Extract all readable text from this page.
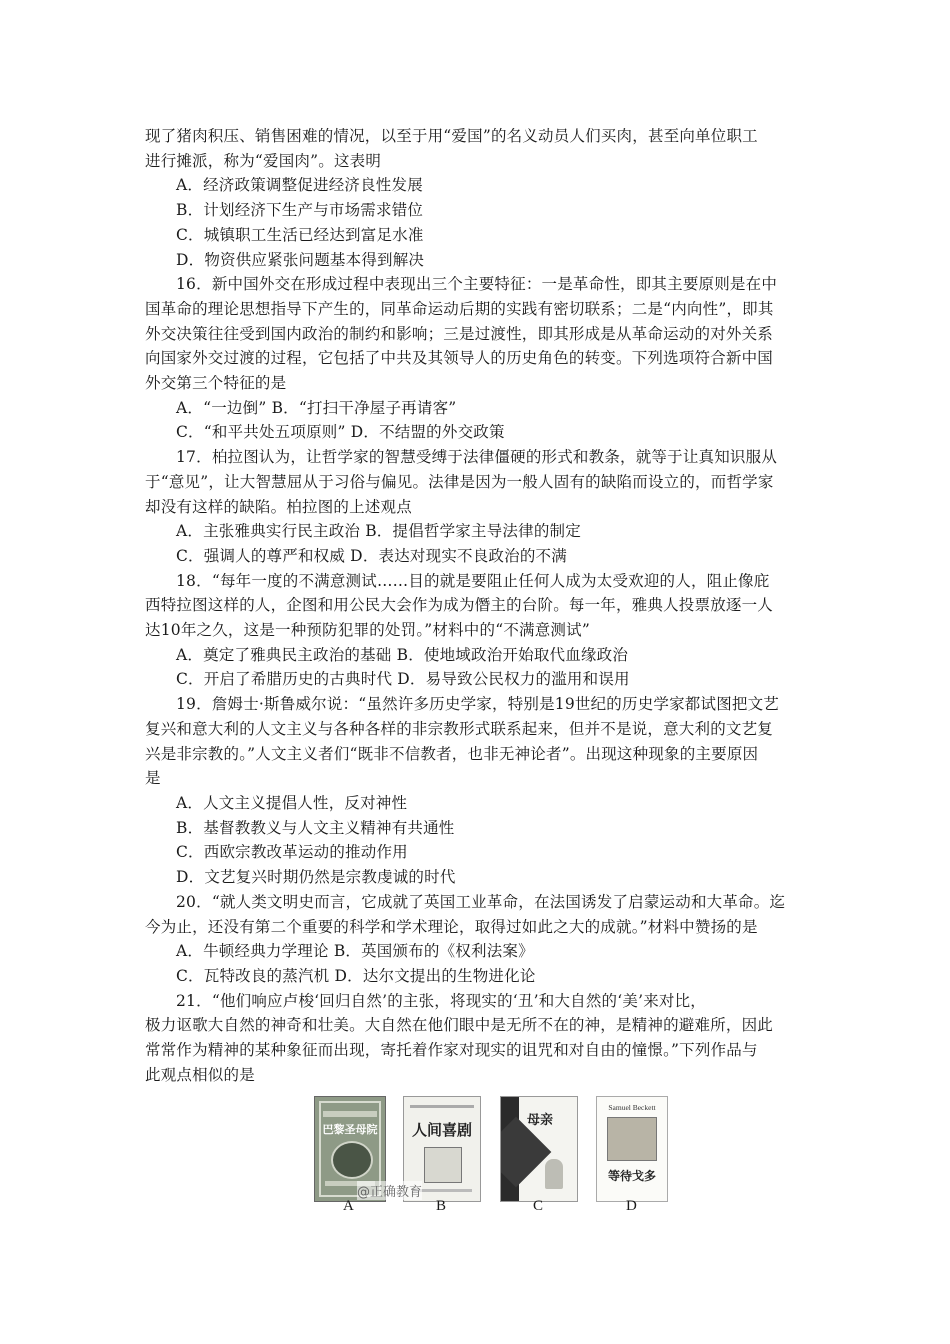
现了猪肉积压、销售困难的情况，以至于用“爱国”的名义动员人们买肉，甚至向单位职工
进行摊派，称为“爱国肉”。这表明
A．经济政策调整促进经济良性发展
B．计划经济下生产与市场需求错位
C．城镇职工生活已经达到富足水准
D．物资供应紧张问题基本得到解决
16．新中国外交在形成过程中表现出三个主要特征：一是革命性，即其主要原则是在中
国革命的理论思想指导下产生的，同革命运动后期的实践有密切联系；二是“内向性”，即其
外交决策往往受到国内政治的制约和影响；三是过渡性，即其形成是从革命运动的对外关系
向国家外交过渡的过程，它包括了中共及其领导人的历史角色的转变。下列选项符合新中国
外交第三个特征的是
A．“一边倒” B．“打扫干净屋子再请客”
C．“和平共处五项原则” D．不结盟的外交政策
17．柏拉图认为，让哲学家的智慧受缚于法律僵硬的形式和教条，就等于让真知识服从
于“意见”，让大智慧屈从于习俗与偏见。法律是因为一般人固有的缺陷而设立的，而哲学家
却没有这样的缺陷。柏拉图的上述观点
A．主张雅典实行民主政治 B．提倡哲学家主导法律的制定
C．强调人的尊严和权威 D．表达对现实不良政治的不满
18．“每年一度的不满意测试……目的就是要阻止任何人成为太受欢迎的人，阻止像庇
西特拉图这样的人，企图和用公民大会作为成为僭主的台阶。每一年，雅典人投票放逐一人
达10年之久，这是一种预防犯罪的处罚。”材料中的“不满意测试”
A．奠定了雅典民主政治的基础 B．使地域政治开始取代血缘政治
C．开启了希腊历史的古典时代 D．易导致公民权力的滥用和误用
19．詹姆士·斯鲁威尔说：“虽然许多历史学家，特别是19世纪的历史学家都试图把文艺
复兴和意大利的人文主义与各种各样的非宗教形式联系起来，但并不是说，意大利的文艺复
兴是非宗教的。”人文主义者们“既非不信教者，也非无神论者”。出现这种现象的主要原因
是
A．人文主义提倡人性，反对神性
B．基督教教义与人文主义精神有共通性
C．西欧宗教改革运动的推动作用
D．文艺复兴时期仍然是宗教虔诚的时代
20．“就人类文明史而言，它成就了英国工业革命，在法国诱发了启蒙运动和大革命。迄
今为止，还没有第二个重要的科学和学术理论，取得过如此之大的成就。”材料中赞扬的是
A．牛顿经典力学理论 B．英国颁布的《权利法案》
C．瓦特改良的蒸汽机 D．达尔文提出的生物进化论
21．“他们响应卢梭‘回归自然’的主张，将现实的‘丑’和大自然的‘美’来对比，
极力讴歌大自然的神奇和壮美。大自然在他们眼中是无所不在的神，是精神的避难所，因此
常常作为精神的某种象征而出现，寄托着作家对现实的诅咒和对自由的憧憬。”下列作品与
此观点相似的是
巴黎圣母院	人间喜剧
母亲
Samuel Beckett
等待戈多
@正确教育
A	B	C	D
